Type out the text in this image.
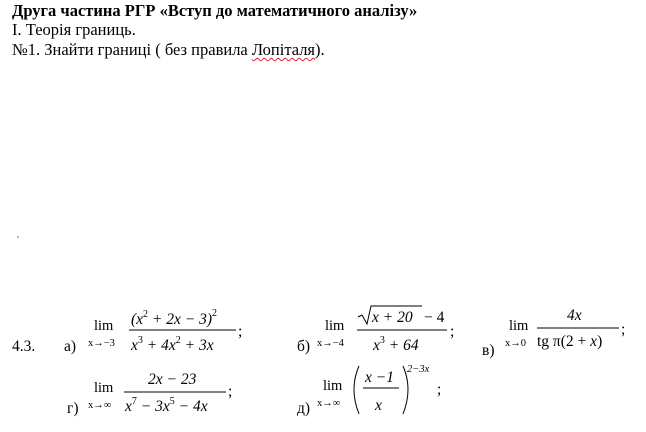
Друга частина РГР «Вступ до математичного аналізу»
І. Теорія границь.
№1. Знайти границі ( без правила Лопіталя).
4.3. а)
lim
x→−3
$(x^2 + 2x - 3)^2$
$x^3 + 4x^2 + 3x$
;
б)
lim
x→−4
x + 20 − 4
$x^3 + 64$
;
в)
lim
x→0
4x
tg π(2 + x)
;
г)
lim
x→∞
2x − 23
$x^7 - 3x^5 - 4x$
;
д)
lim
x→∞
x −1
x
2−3x
;
